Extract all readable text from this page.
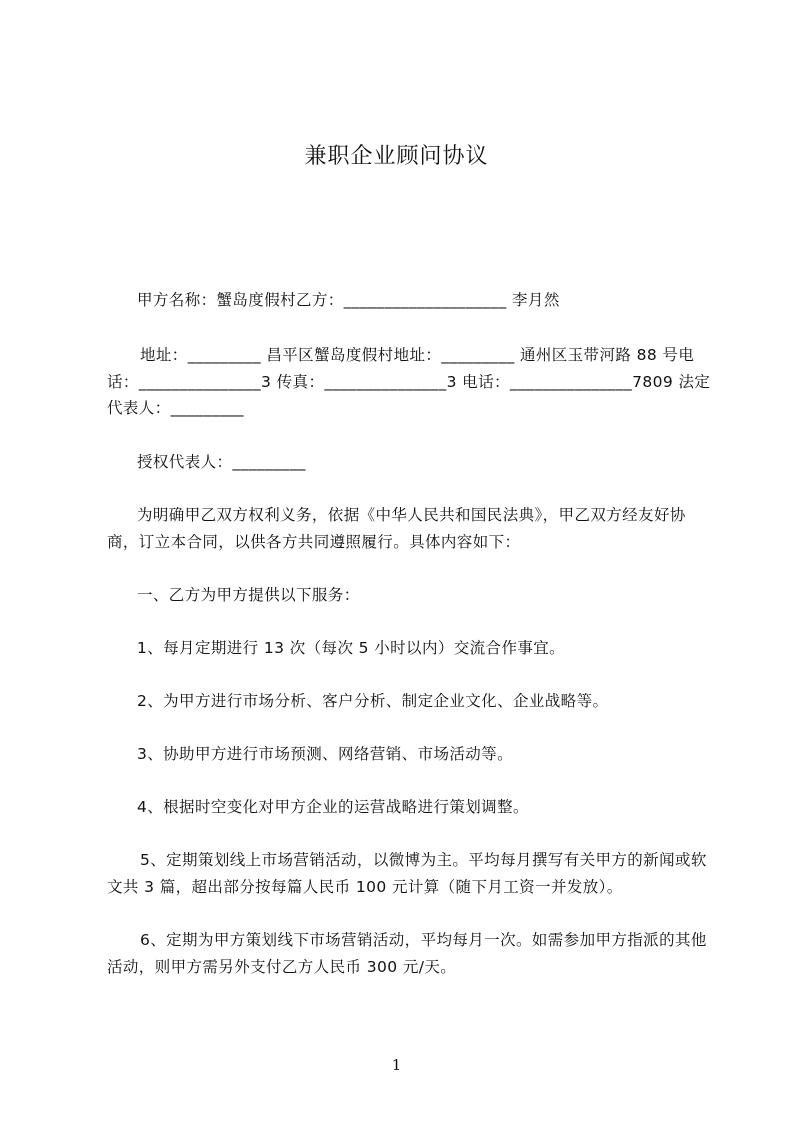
兼职企业顾问协议
甲方名称：蟹岛度假村乙方：____________________ 李月然
地址：_________ 昌平区蟹岛度假村地址：_________ 通州区玉带河路 88 号电
话：_______________3 传真：_______________3 电话：_______________7809 法定
代表人：_________
授权代表人：_________
为明确甲乙双方权利义务，依据《中华人民共和国民法典》，甲乙双方经友好协
商，订立本合同，以供各方共同遵照履行。具体内容如下：
一、乙方为甲方提供以下服务：
1、每月定期进行 13 次（每次 5 小时以内）交流合作事宜。
2、为甲方进行市场分析、客户分析、制定企业文化、企业战略等。
3、协助甲方进行市场预测、网络营销、市场活动等。
4、根据时空变化对甲方企业的运营战略进行策划调整。
5、定期策划线上市场营销活动，以微博为主。平均每月撰写有关甲方的新闻或软
文共 3 篇，超出部分按每篇人民币 100 元计算（随下月工资一并发放）。
6、定期为甲方策划线下市场营销活动，平均每月一次。如需参加甲方指派的其他
活动，则甲方需另外支付乙方人民币 300 元/天。
1
